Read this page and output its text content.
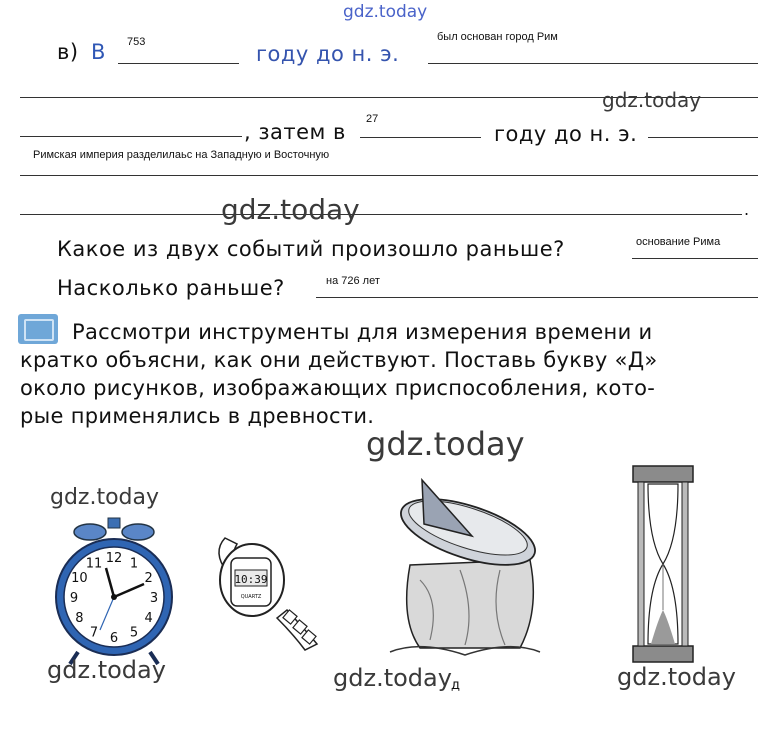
gdz.today
в) В 753	году до н. э.
был основан город Рим
gdz.today
, затем в
27
году до н. э.
Римская империя разделилаьс на Западную и Восточную
.
gdz.today
Какое из двух событий произошло раньше?	основание Рима
Насколько раньше?	на 726 лет
Рассмотри инструменты для измерения времени и
кратко объясни, как они действуют. Поставь букву «Д»
около рисунков, изображающих приспособления, кото-
рые применялись в древности.
gdz.today
gdz.today
12 1
2
3
4
5
6
7
8
9
10
11
10:39
QUARTZ
gdz.today	gdz.today д	gdz.today
